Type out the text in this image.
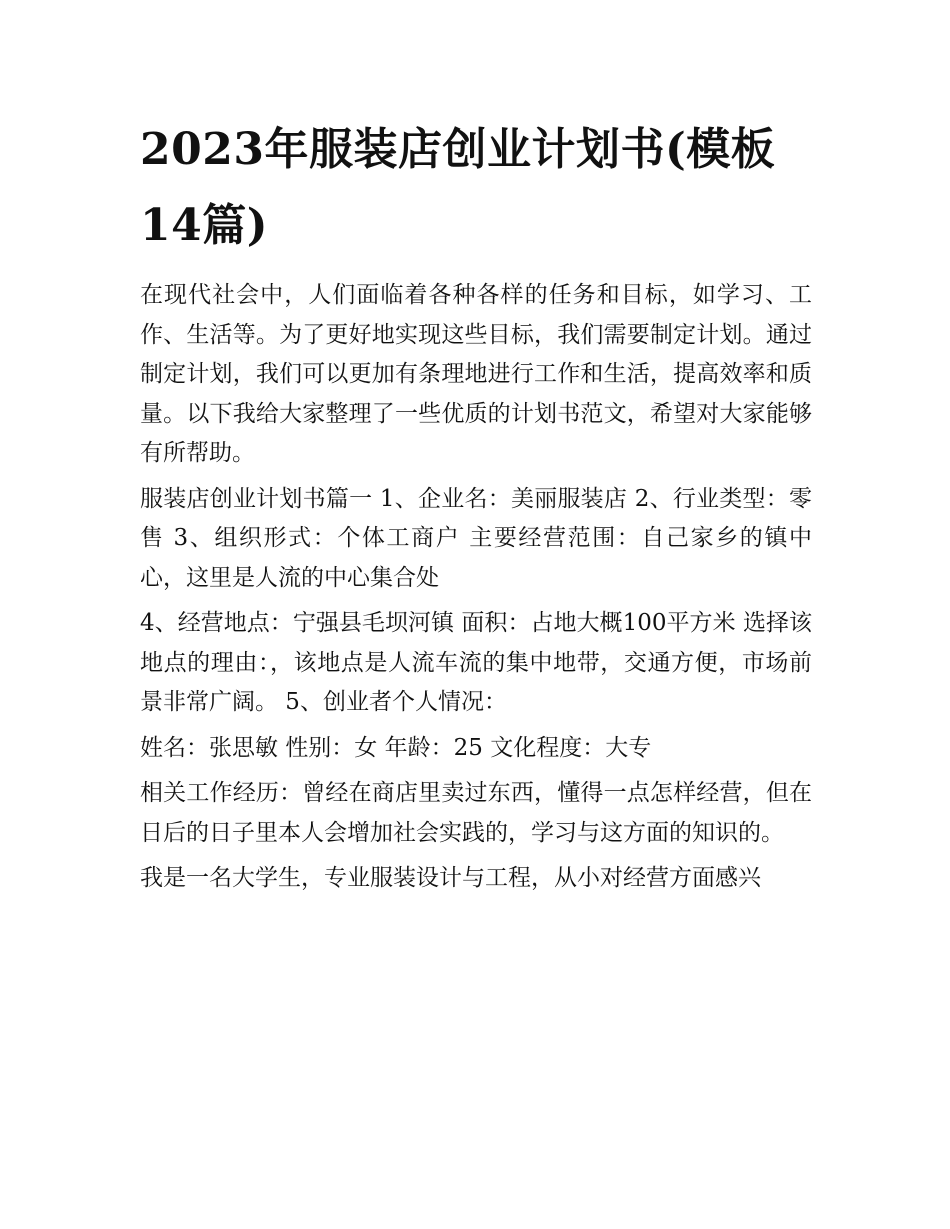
2023年服装店创业计划书(模板14篇)

在现代社会中，人们面临着各种各样的任务和目标，如学习、工作、生活等。为了更好地实现这些目标，我们需要制定计划。通过制定计划，我们可以更加有条理地进行工作和生活，提高效率和质量。以下我给大家整理了一些优质的计划书范文，希望对大家能够有所帮助。

服装店创业计划书篇一 1、企业名：美丽服装店 2、行业类型：零售 3、组织形式：个体工商户 主要经营范围：自己家乡的镇中心，这里是人流的中心集合处

4、经营地点：宁强县毛坝河镇 面积：占地大概100平方米 选择该地点的理由：，该地点是人流车流的集中地带，交通方便，市场前景非常广阔。 5、创业者个人情况：

姓名：张思敏 性别：女 年龄：25 文化程度：大专

相关工作经历：曾经在商店里卖过东西，懂得一点怎样经营，但在日后的日子里本人会增加社会实践的，学习与这方面的知识的。

我是一名大学生，专业服装设计与工程，从小对经营方面感兴
